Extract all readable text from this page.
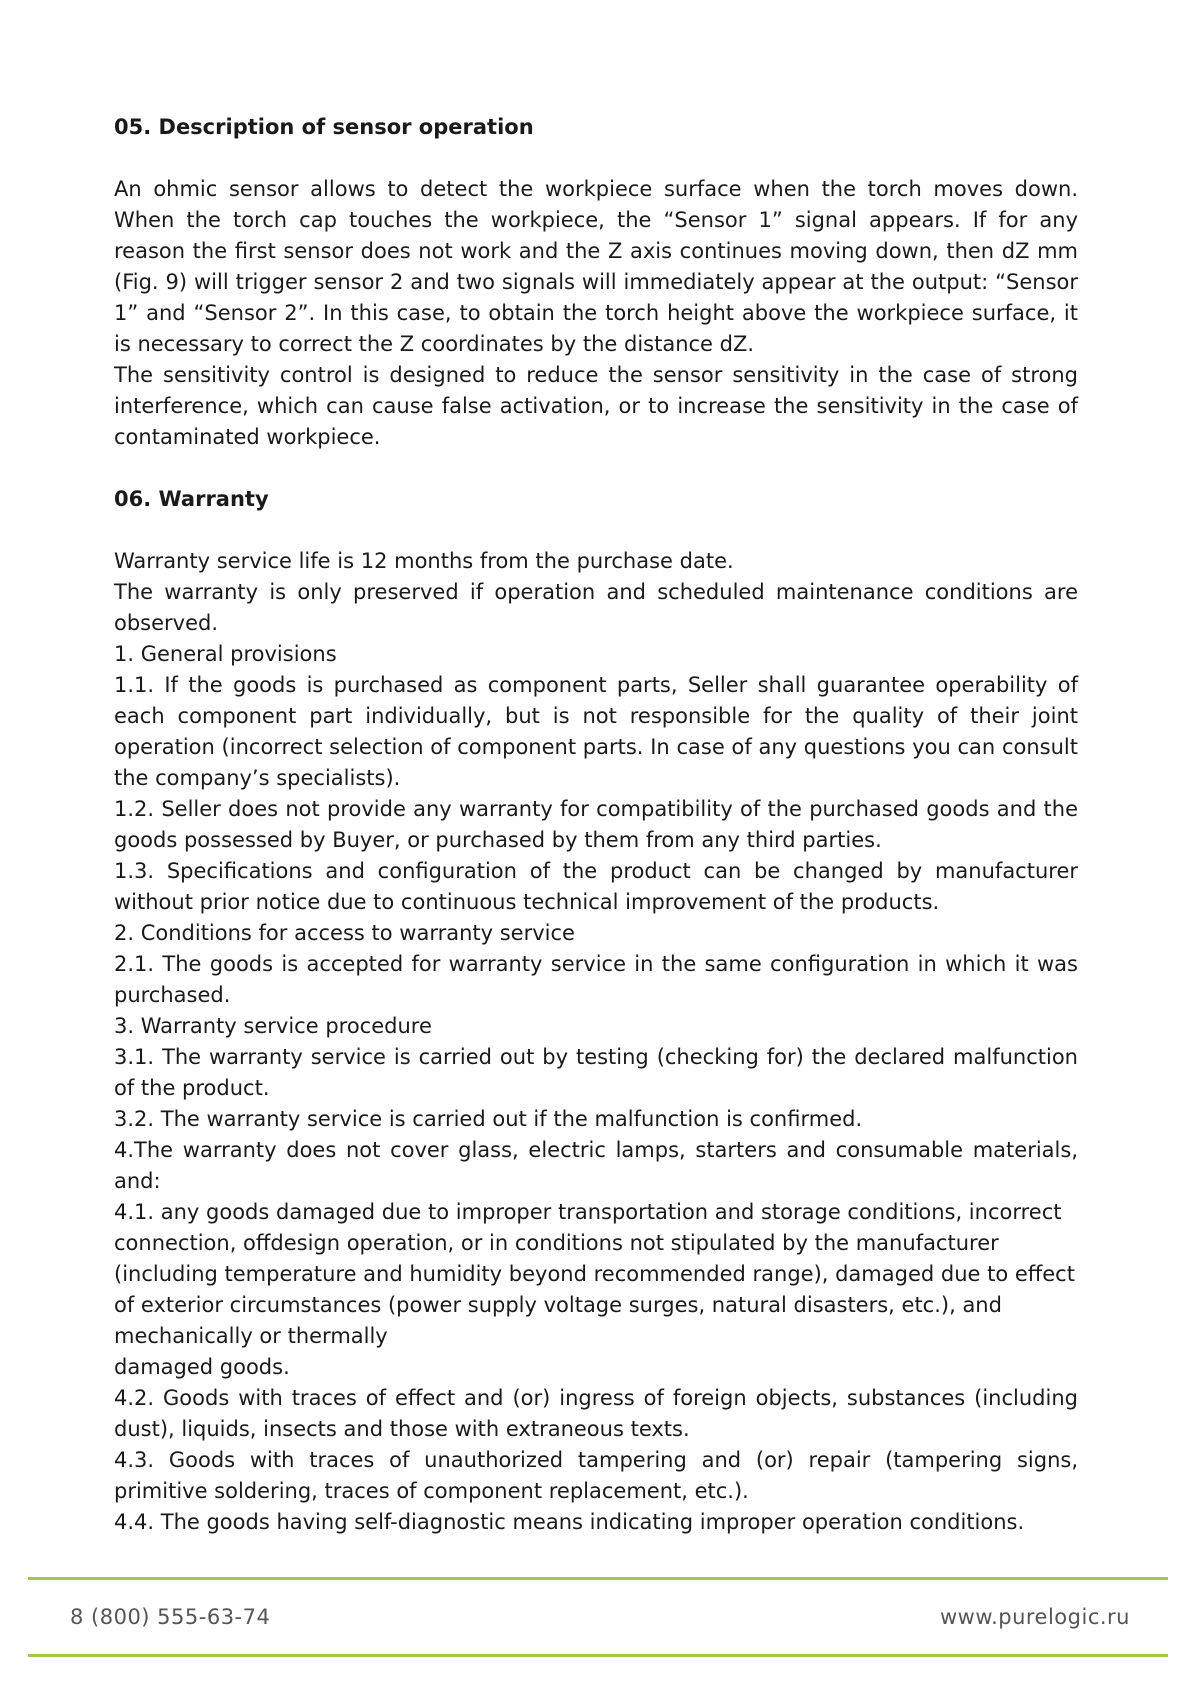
05. Description of sensor operation

An ohmic sensor allows to detect the workpiece surface when the torch moves down. When the torch cap touches the workpiece, the “Sensor 1” signal appears. If for any reason the first sensor does not work and the Z axis continues moving down, then dZ mm (Fig. 9) will trigger sensor 2 and two signals will immediately appear at the output: “Sensor 1” and “Sensor 2”. In this case, to obtain the torch height above the workpiece surface, it is necessary to correct the Z coordinates by the distance dZ.

The sensitivity control is designed to reduce the sensor sensitivity in the case of strong interference, which can cause false activation, or to increase the sensitivity in the case of contaminated workpiece.

06. Warranty

Warranty service life is 12 months from the purchase date.

The warranty is only preserved if operation and scheduled maintenance conditions are observed.

1. General provisions

1.1. If the goods is purchased as component parts, Seller shall guarantee operability of each component part individually, but is not responsible for the quality of their joint operation (incorrect selection of component parts. In case of any questions you can consult the company’s specialists).

1.2. Seller does not provide any warranty for compatibility of the purchased goods and the goods possessed by Buyer, or purchased by them from any third parties.

1.3. Specifications and configuration of the product can be changed by manufacturer without prior notice due to continuous technical improvement of the products.

2. Conditions for access to warranty service

2.1. The goods is accepted for warranty service in the same configuration in which it was purchased.

3. Warranty service procedure

3.1. The warranty service is carried out by testing (checking for) the declared malfunction of the product.

3.2. The warranty service is carried out if the malfunction is confirmed.

4.The warranty does not cover glass, electric lamps, starters and consumable materials, and:

4.1. any goods damaged due to improper transportation and storage conditions, incorrect connection, offdesign operation, or in conditions not stipulated by the manufacturer (including temperature and humidity beyond recommended range), damaged due to effect of exterior circumstances (power supply voltage surges, natural disasters, etc.), and mechanically or thermally

damaged goods.

4.2. Goods with traces of effect and (or) ingress of foreign objects, substances (including dust), liquids, insects and those with extraneous texts.

4.3. Goods with traces of unauthorized tampering and (or) repair (tampering signs, primitive soldering, traces of component replacement, etc.).

4.4. The goods having self-diagnostic means indicating improper operation conditions.

8 (800) 555-63-74	www.purelogic.ru
